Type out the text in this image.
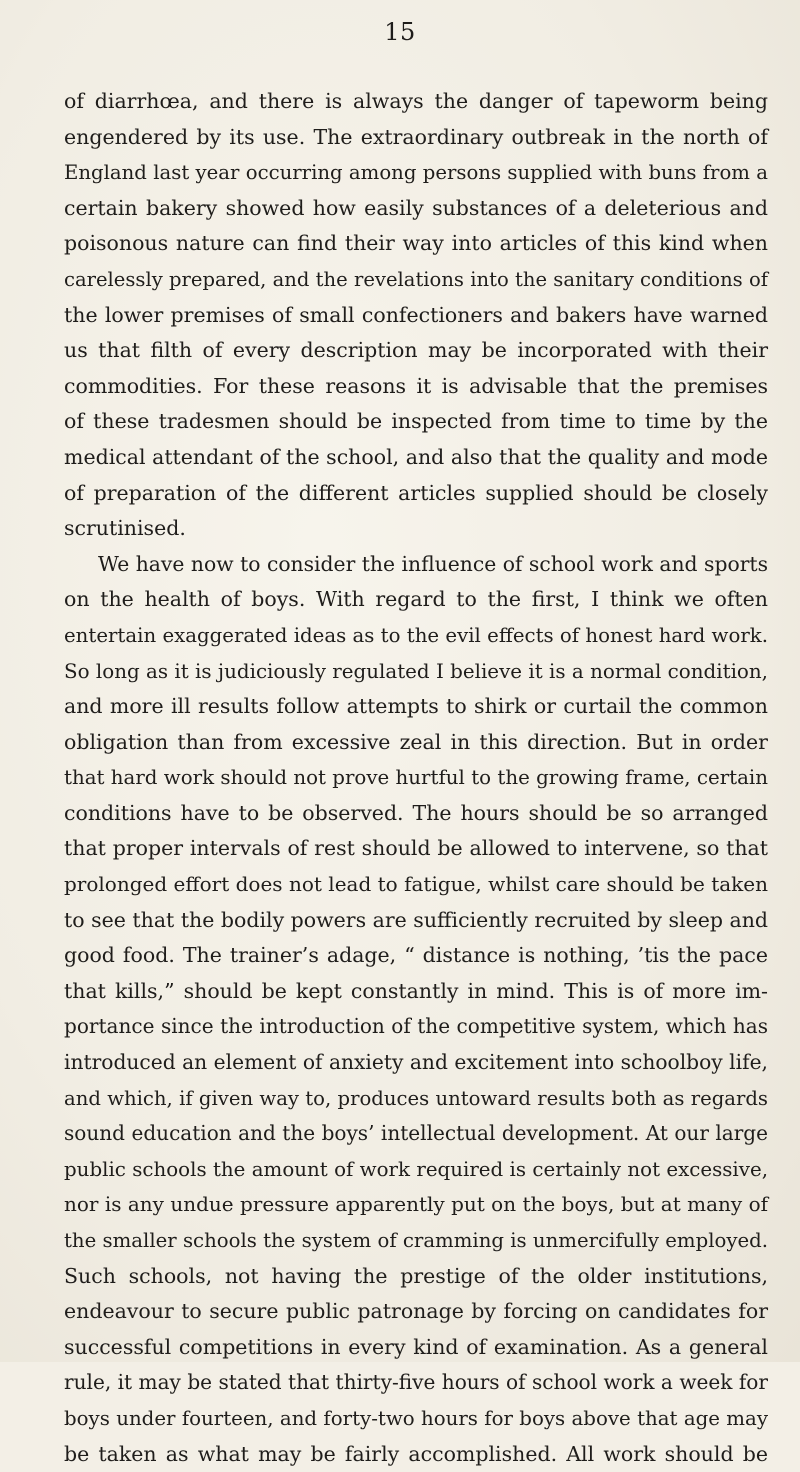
15
of diarrhœa, and there is always the danger of tapeworm being
engendered by its use. The extraordinary outbreak in the north of
England last year occurring among persons supplied with buns from a
certain bakery showed how easily substances of a deleterious and
poisonous nature can find their way into articles of this kind when
carelessly prepared, and the revelations into the sanitary conditions of
the lower premises of small confectioners and bakers have warned
us that filth of every description may be incorporated with their
commodities. For these reasons it is advisable that the premises
of these tradesmen should be inspected from time to time by the
medical attendant of the school, and also that the quality and mode
of preparation of the different articles supplied should be closely
scrutinised.
We have now to consider the influence of school work and sports
on the health of boys. With regard to the first, I think we often
entertain exaggerated ideas as to the evil effects of honest hard work.
So long as it is judiciously regulated I believe it is a normal condition,
and more ill results follow attempts to shirk or curtail the common
obligation than from excessive zeal in this direction. But in order
that hard work should not prove hurtful to the growing frame, certain
conditions have to be observed. The hours should be so arranged
that proper intervals of rest should be allowed to intervene, so that
prolonged effort does not lead to fatigue, whilst care should be taken
to see that the bodily powers are sufficiently recruited by sleep and
good food. The trainer’s adage, “ distance is nothing, ’tis the pace
that kills,” should be kept constantly in mind. This is of more im-
portance since the introduction of the competitive system, which has
introduced an element of anxiety and excitement into schoolboy life,
and which, if given way to, produces untoward results both as regards
sound education and the boys’ intellectual development. At our large
public schools the amount of work required is certainly not excessive,
nor is any undue pressure apparently put on the boys, but at many of
the smaller schools the system of cramming is unmercifully employed.
Such schools, not having the prestige of the older institutions,
endeavour to secure public patronage by forcing on candidates for
successful competitions in every kind of examination. As a general
rule, it may be stated that thirty-five hours of school work a week for
boys under fourteen, and forty-two hours for boys above that age may
be taken as what may be fairly accomplished. All work should be
